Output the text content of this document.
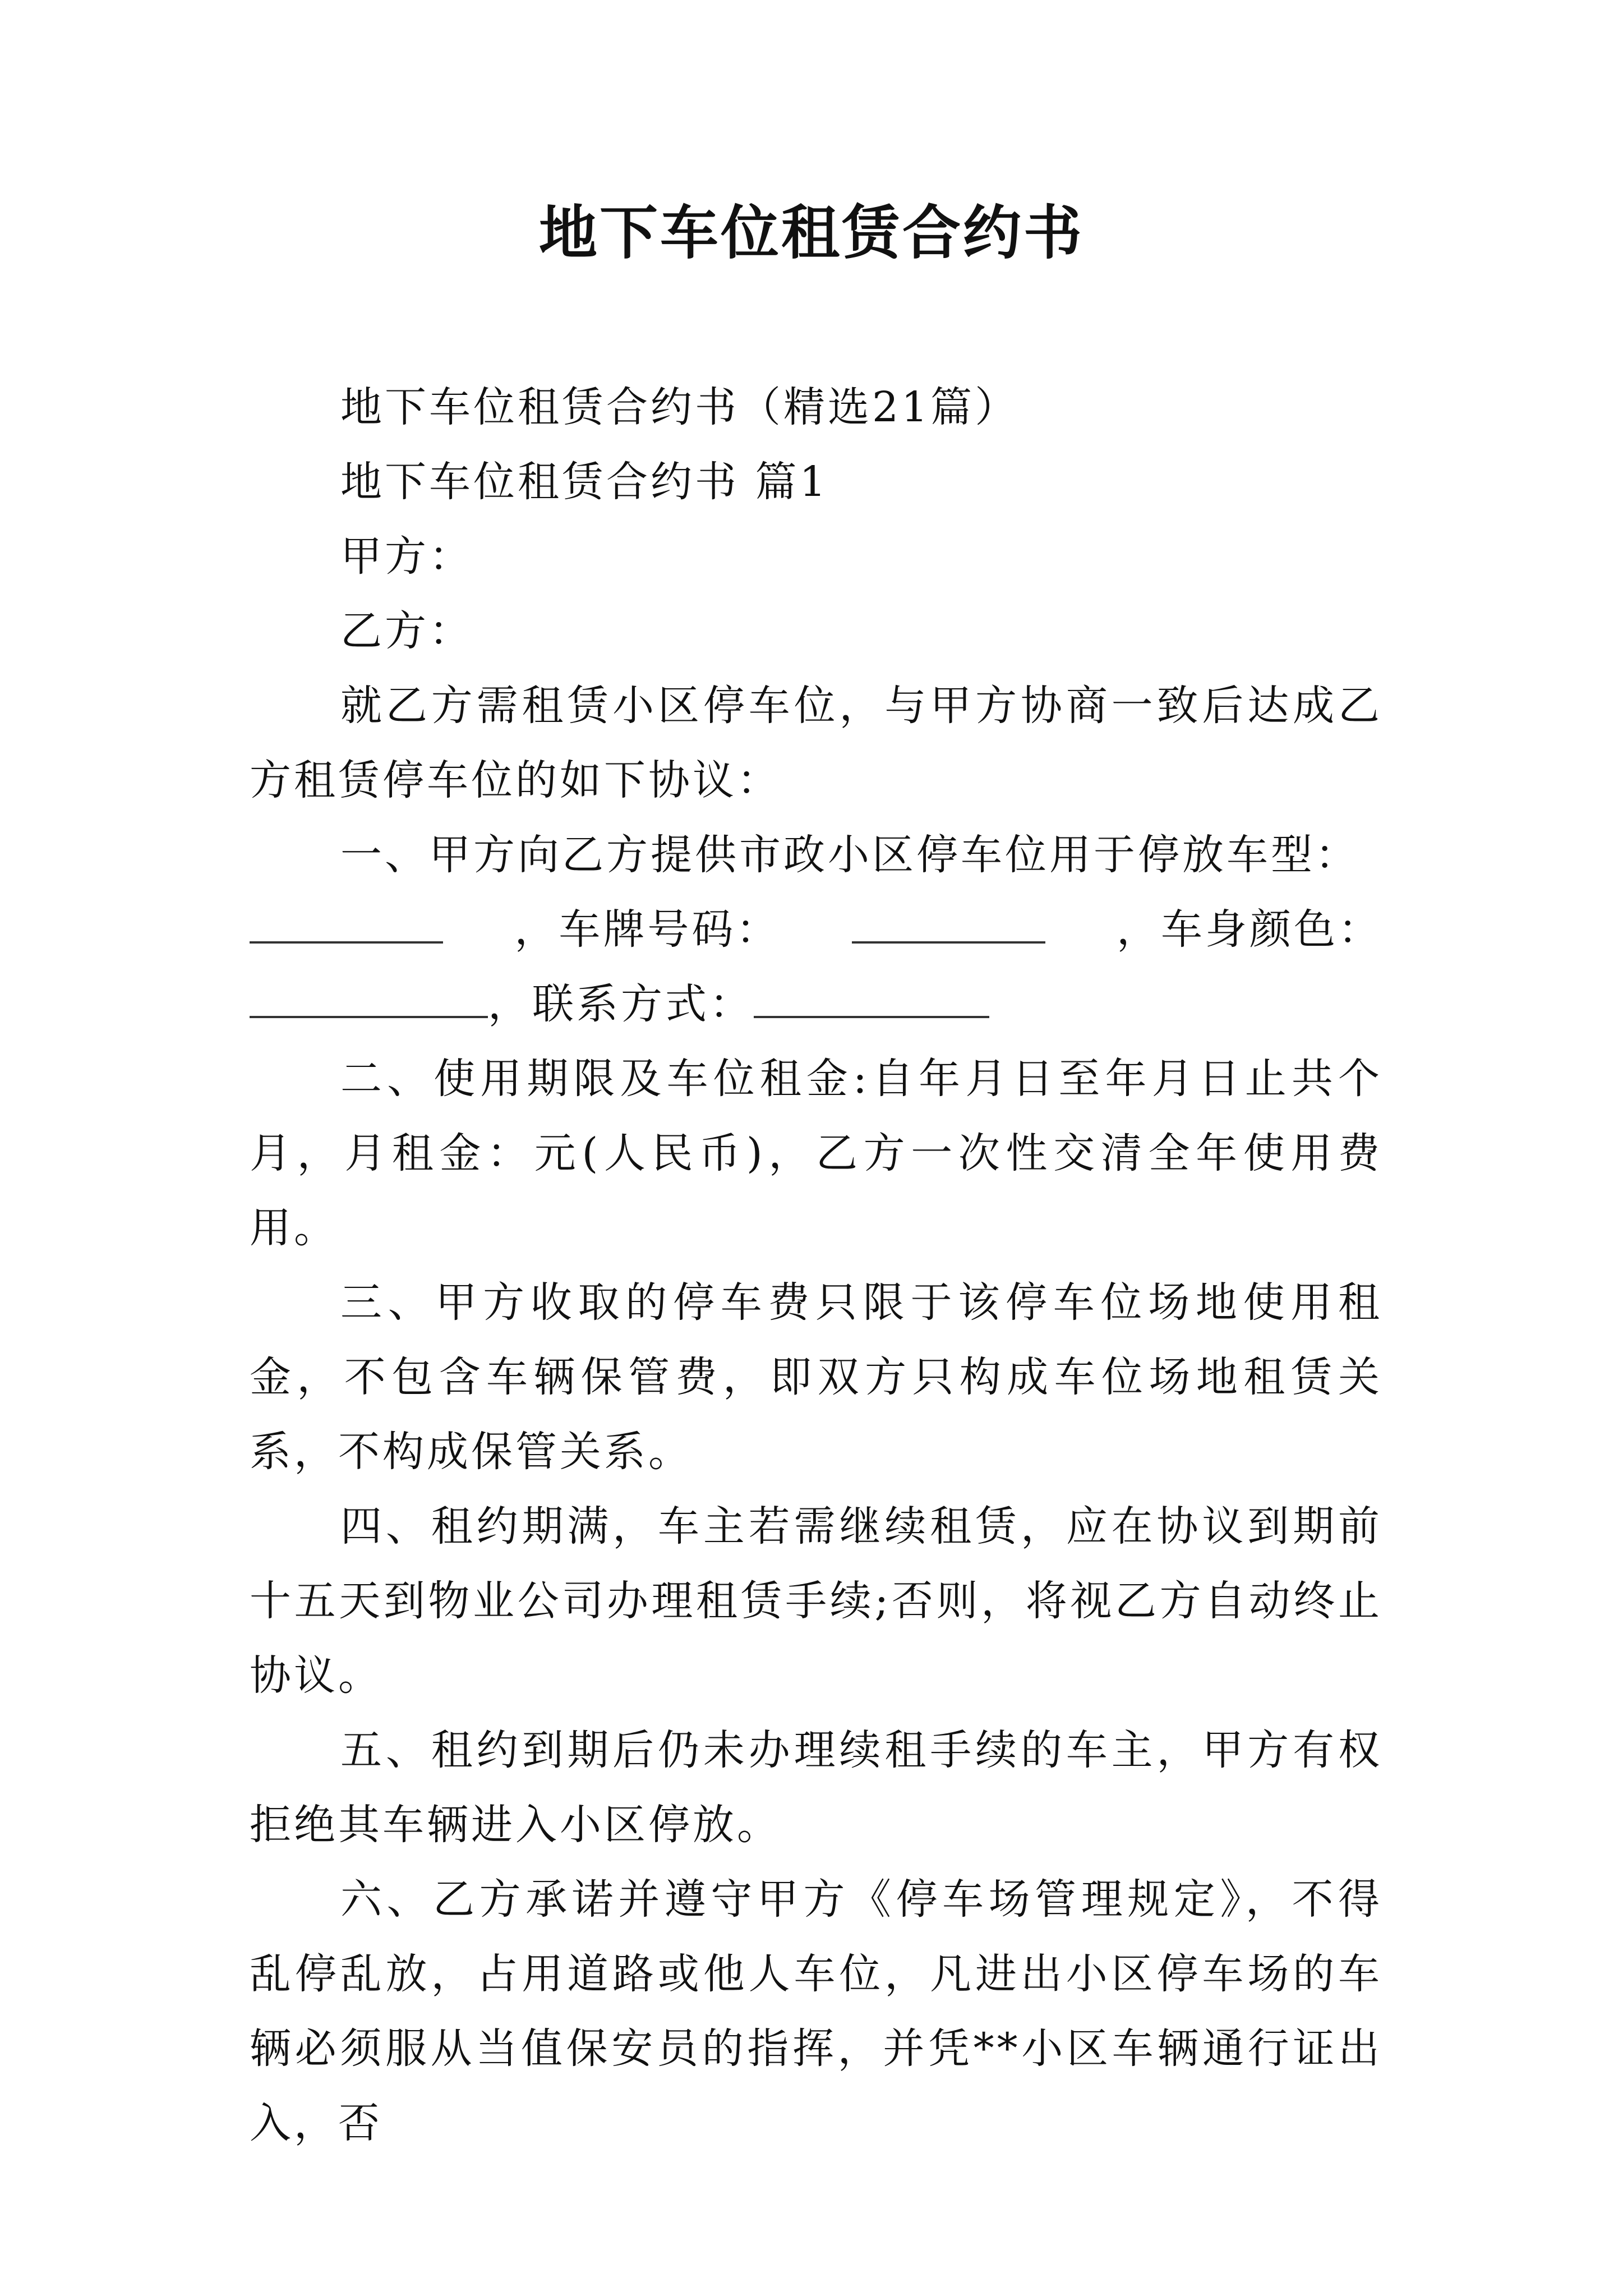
地下车位租赁合约书

地下车位租赁合约书（精选21篇）

地下车位租赁合约书 篇1

甲方：

乙方：

就乙方需租赁小区停车位，与甲方协商一致后达成乙方租赁停车位的如下协议：

一、甲方向乙方提供市政小区停车位用于停放车型：

，车牌号码：	，车身颜色：
，联系方式：

二、使用期限及车位租金:自年月日至年月日止共个月，月租金：元(人民币)，乙方一次性交清全年使用费用。

三、甲方收取的停车费只限于该停车位场地使用租金，不包含车辆保管费，即双方只构成车位场地租赁关系，不构成保管关系。

四、租约期满，车主若需继续租赁，应在协议到期前十五天到物业公司办理租赁手续;否则，将视乙方自动终止协议。

五、租约到期后仍未办理续租手续的车主，甲方有权拒绝其车辆进入小区停放。

六、乙方承诺并遵守甲方《停车场管理规定》，不得乱停乱放，占用道路或他人车位，凡进出小区停车场的车辆必须服从当值保安员的指挥，并凭**小区车辆通行证出入，否
